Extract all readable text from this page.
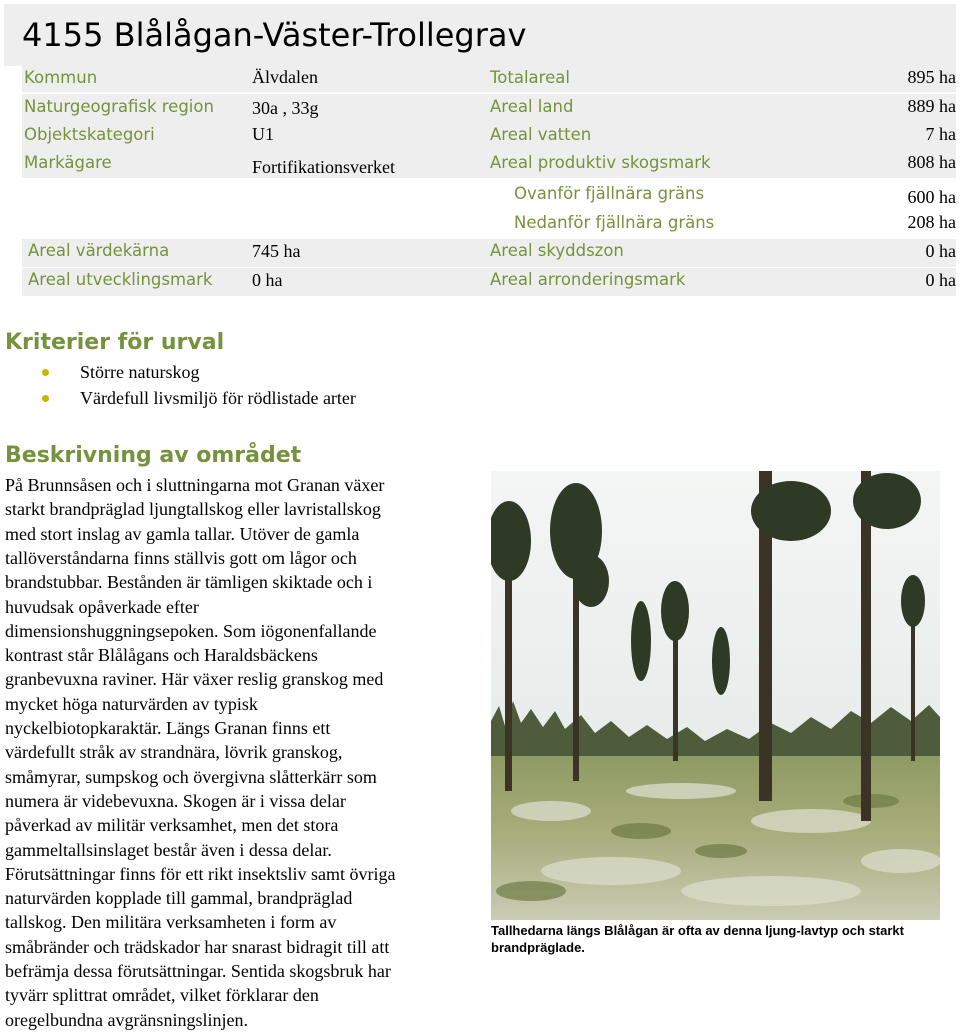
4155 Blålågan-Väster-Trollegrav
Kommun	Älvdalen	Totalareal	895 ha
Naturgeografisk region 30a , 33g	Areal land	889 ha
Objektskategori	U1	Areal vatten	7 ha
Markägare	Fortifikationsverket	Areal produktiv skogsmark	808 ha
Ovanför fjällnära gräns	600 ha
Nedanför fjällnära gräns	208 ha
Areal värdekärna	745 ha	Areal skyddszon	0 ha
Areal utvecklingsmark 0 ha	Areal arronderingsmark	0 ha
Kriterier för urval
Större naturskog
Värdefull livsmiljö för rödlistade arter
Beskrivning av området
På Brunnsåsen och i sluttningarna mot Granan växer
starkt brandpräglad ljungtallskog eller lavristallskog
med stort inslag av gamla tallar. Utöver de gamla
tallöverståndarna finns ställvis gott om lågor och
brandstubbar. Bestånden är tämligen skiktade och i
huvudsak opåverkade efter
dimensionshuggningsepoken. Som iögonenfallande
kontrast står Blålågans och Haraldsbäckens
granbevuxna raviner. Här växer reslig granskog med
mycket höga naturvärden av typisk
nyckelbiotopkaraktär. Längs Granan finns ett
värdefullt stråk av strandnära, lövrik granskog,
småmyrar, sumpskog och övergivna slåtterkärr som
numera är videbevuxna. Skogen är i vissa delar
påverkad av militär verksamhet, men det stora
gammeltallsinslaget består även i dessa delar.
Förutsättningar finns för ett rikt insektsliv samt övriga
naturvärden kopplade till gammal, brandpräglad
tallskog. Den militära verksamheten i form av
småbränder och trädskador har snarast bidragit till att
befrämja dessa förutsättningar. Sentida skogsbruk har
tyvärr splittrat området, vilket förklarar den
oregelbundna avgränsningslinjen.
Tallhedarna längs Blålågan är ofta av denna ljung-lavtyp och starkt brandpräglade.
